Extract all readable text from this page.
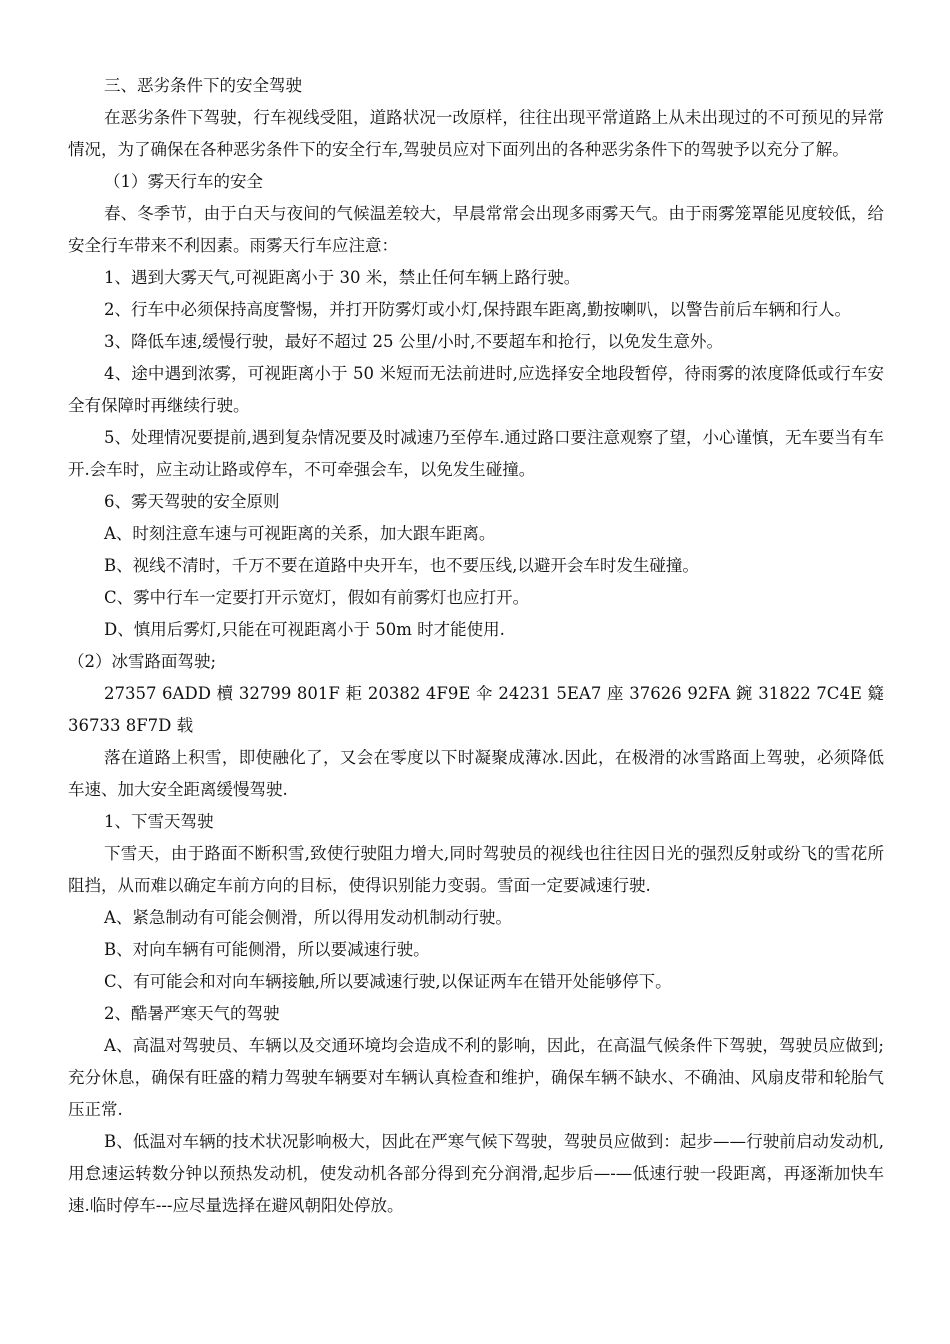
三、恶劣条件下的安全驾驶

在恶劣条件下驾驶，行车视线受阻，道路状况一改原样，往往出现平常道路上从未出现过的不可预见的异常情况，为了确保在各种恶劣条件下的安全行车,驾驶员应对下面列出的各种恶劣条件下的驾驶予以充分了解。

（1）雾天行车的安全

春、冬季节，由于白天与夜间的气候温差较大，早晨常常会出现多雨雾天气。由于雨雾笼罩能见度较低，给安全行车带来不利因素。雨雾天行车应注意：

1、遇到大雾天气,可视距离小于 30 米，禁止任何车辆上路行驶。

2、行车中必须保持高度警惕，并打开防雾灯或小灯,保持跟车距离,勤按喇叭，以警告前后车辆和行人。

3、降低车速,缓慢行驶，最好不超过 25 公里/小时,不要超车和抢行，以免发生意外。

4、途中遇到浓雾，可视距离小于 50 米短而无法前进时,应选择安全地段暂停，待雨雾的浓度降低或行车安全有保障时再继续行驶。

5、处理情况要提前,遇到复杂情况要及时减速乃至停车.通过路口要注意观察了望，小心谨慎，无车要当有车开.会车时，应主动让路或停车，不可牵强会车，以免发生碰撞。

6、雾天驾驶的安全原则

A、时刻注意车速与可视距离的关系，加大跟车距离。

B、视线不清时，千万不要在道路中央开车，也不要压线,以避开会车时发生碰撞。

C、雾中行车一定要打开示宽灯，假如有前雾灯也应打开。

D、慎用后雾灯,只能在可视距离小于 50m 时才能使用.

（2）冰雪路面驾驶;

27357 6ADD 櫝 32799 801F 耟 20382 4F9E 伞 24231 5EA7 座 37626 92FA 鋺 31822 7C4E 籎 36733 8F7D 载

落在道路上积雪，即使融化了，又会在零度以下时凝聚成薄冰.因此，在极滑的冰雪路面上驾驶，必须降低车速、加大安全距离缓慢驾驶.

1、下雪天驾驶

下雪天，由于路面不断积雪,致使行驶阻力增大,同时驾驶员的视线也往往因日光的强烈反射或纷飞的雪花所阻挡，从而难以确定车前方向的目标，使得识别能力变弱。雪面一定要减速行驶.

A、紧急制动有可能会侧滑，所以得用发动机制动行驶。

B、对向车辆有可能侧滑，所以要减速行驶。

C、有可能会和对向车辆接触,所以要减速行驶,以保证两车在错开处能够停下。

2、酷暑严寒天气的驾驶

A、高温对驾驶员、车辆以及交通环境均会造成不利的影响，因此，在高温气候条件下驾驶，驾驶员应做到;充分休息，确保有旺盛的精力驾驶车辆要对车辆认真检查和维护，确保车辆不缺水、不确油、风扇皮带和轮胎气压正常.

B、低温对车辆的技术状况影响极大，因此在严寒气候下驾驶，驾驶员应做到：起步——行驶前启动发动机,用怠速运转数分钟以预热发动机，使发动机各部分得到充分润滑,起步后—-—低速行驶一段距离，再逐渐加快车速.临时停车---应尽量选择在避风朝阳处停放。
